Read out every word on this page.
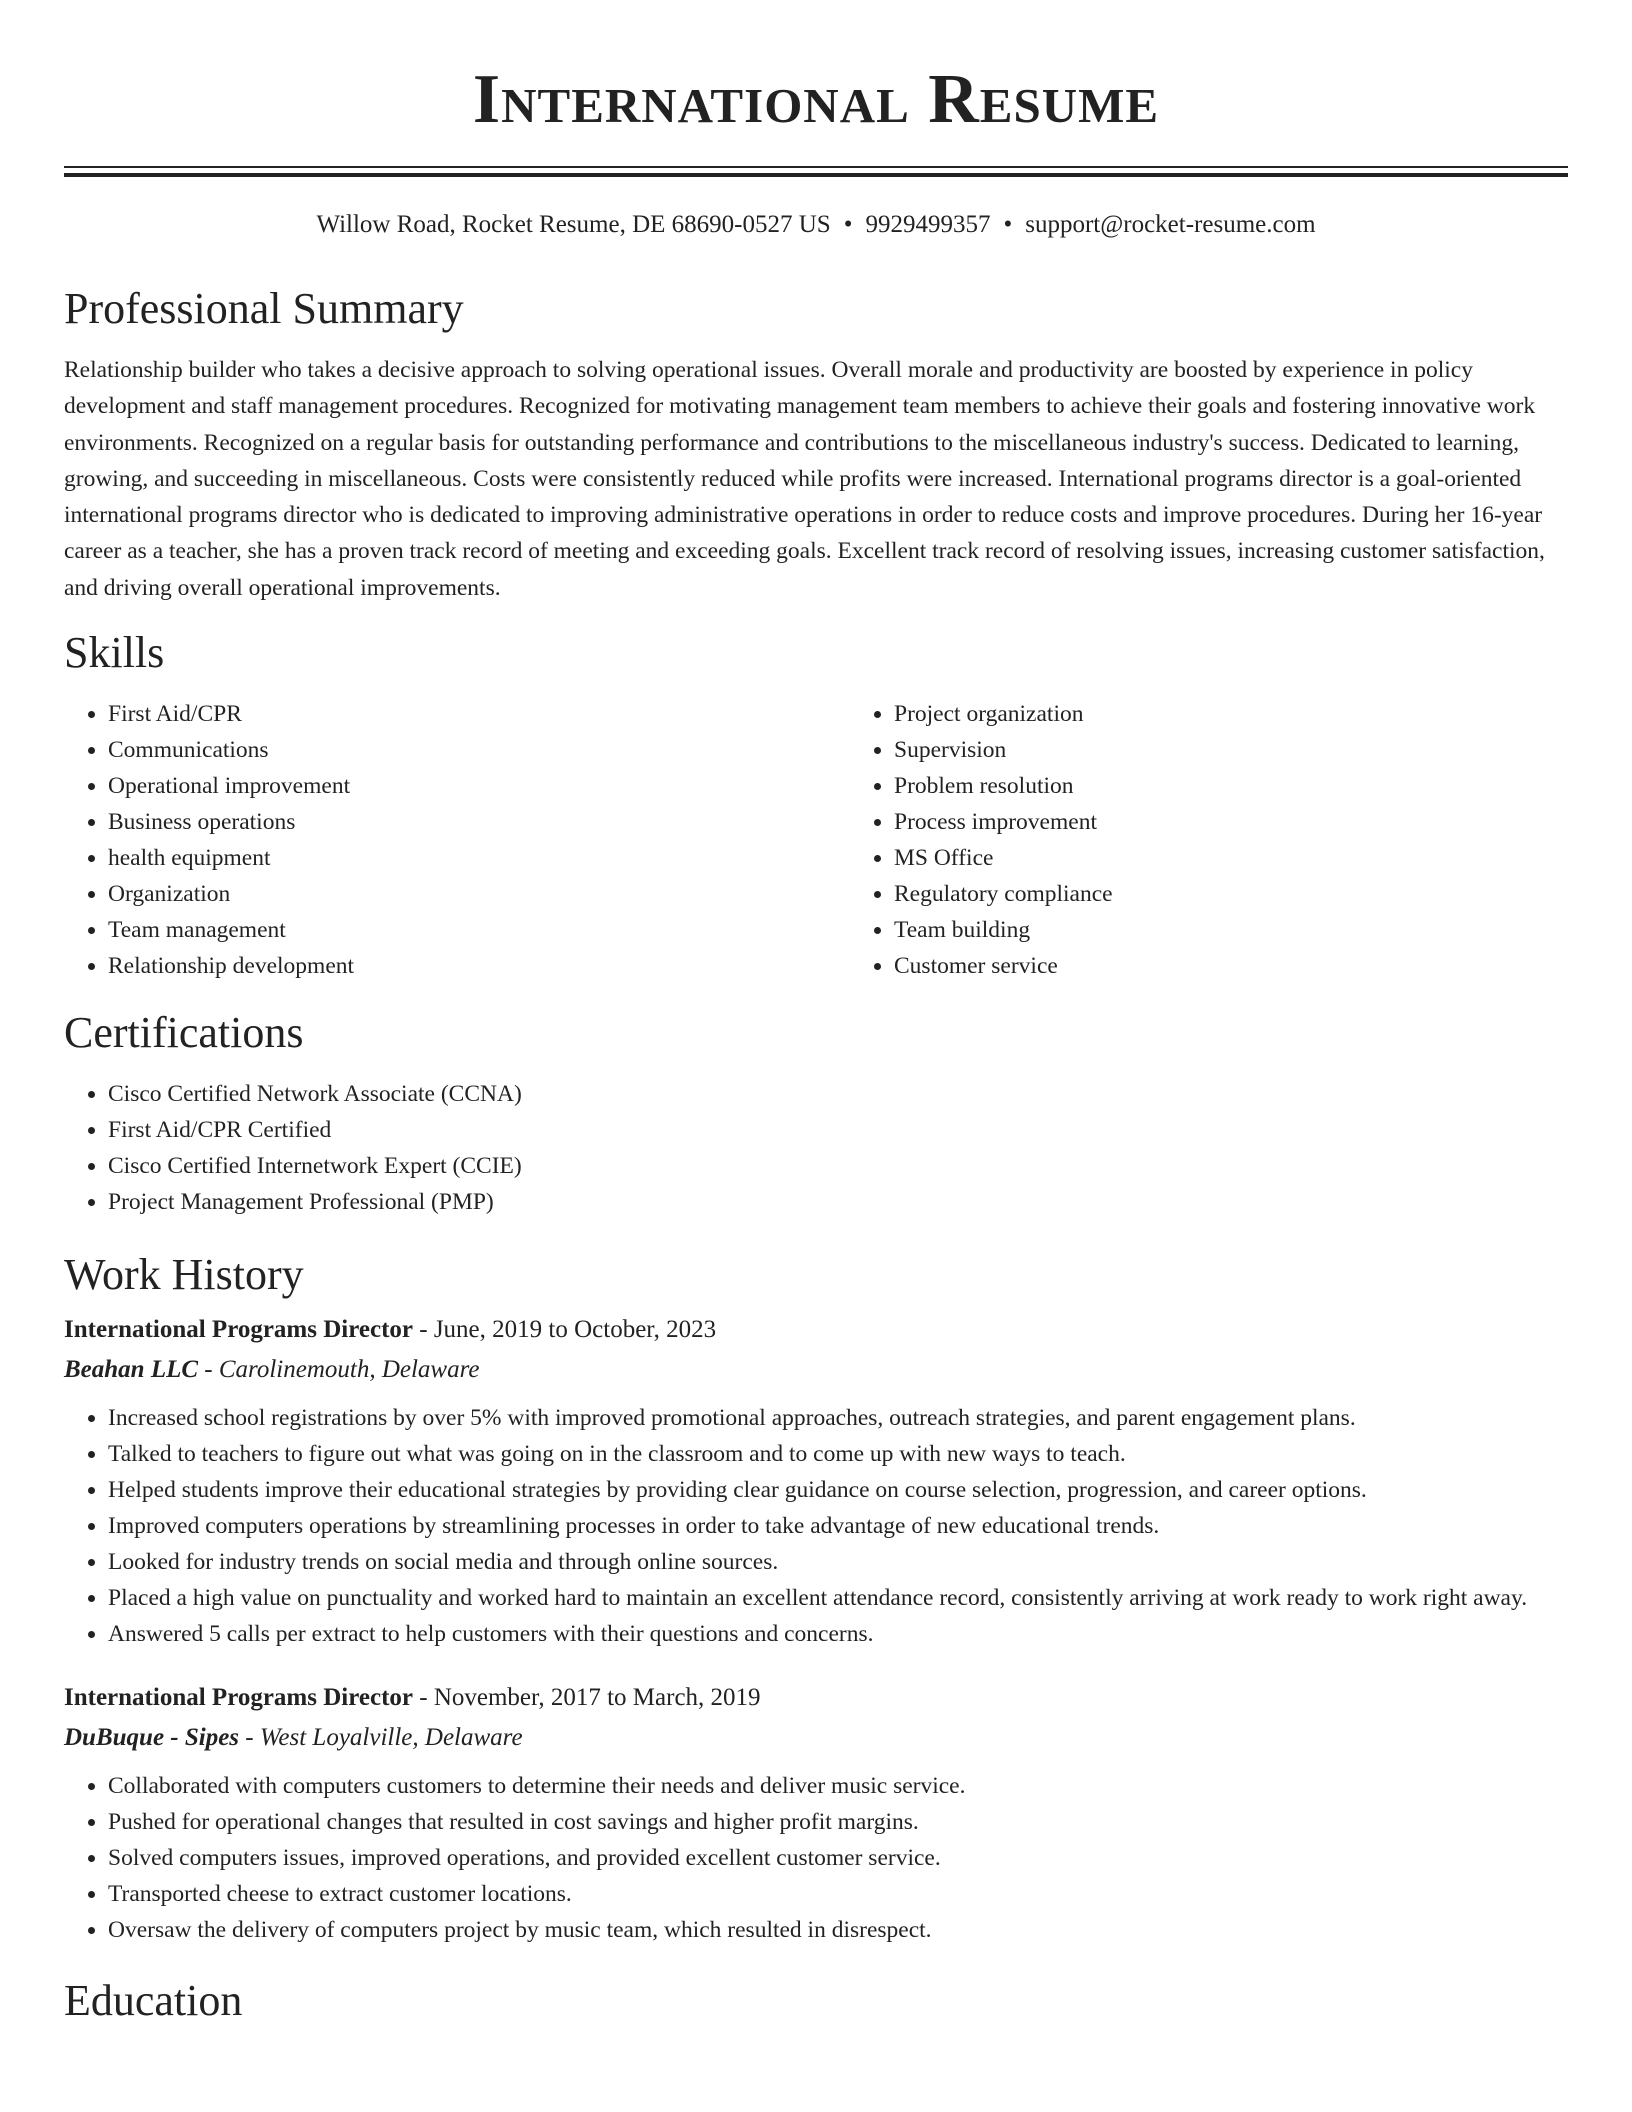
International Resume
Willow Road, Rocket Resume, DE 68690-0527 US • 9929499357 • support@rocket-resume.com
Professional Summary

Relationship builder who takes a decisive approach to solving operational issues. Overall morale and productivity are boosted by experience in policy development and staff management procedures. Recognized for motivating management team members to achieve their goals and fostering innovative work environments. Recognized on a regular basis for outstanding performance and contributions to the miscellaneous industry's success. Dedicated to learning, growing, and succeeding in miscellaneous. Costs were consistently reduced while profits were increased. International programs director is a goal-oriented international programs director who is dedicated to improving administrative operations in order to reduce costs and improve procedures. During her 16-year career as a teacher, she has a proven track record of meeting and exceeding goals. Excellent track record of resolving issues, increasing customer satisfaction, and driving overall operational improvements.

Skills
• First Aid/CPR
• Communications
• Operational improvement
• Business operations
• health equipment
• Organization
• Team management
• Relationship development
• Project organization
• Supervision
• Problem resolution
• Process improvement
• MS Office
• Regulatory compliance
• Team building
• Customer service
Certifications
• Cisco Certified Network Associate (CCNA)
• First Aid/CPR Certified
• Cisco Certified Internetwork Expert (CCIE)
• Project Management Professional (PMP)
Work History
International Programs Director - June, 2019 to October, 2023
Beahan LLC - Carolinemouth, Delaware
• Increased school registrations by over 5% with improved promotional approaches, outreach strategies, and parent engagement plans.
• Talked to teachers to figure out what was going on in the classroom and to come up with new ways to teach.
• Helped students improve their educational strategies by providing clear guidance on course selection, progression, and career options.
• Improved computers operations by streamlining processes in order to take advantage of new educational trends.
• Looked for industry trends on social media and through online sources.
• Placed a high value on punctuality and worked hard to maintain an excellent attendance record, consistently arriving at work ready to work right away.
• Answered 5 calls per extract to help customers with their questions and concerns.
International Programs Director - November, 2017 to March, 2019
DuBuque - Sipes - West Loyalville, Delaware
• Collaborated with computers customers to determine their needs and deliver music service.
• Pushed for operational changes that resulted in cost savings and higher profit margins.
• Solved computers issues, improved operations, and provided excellent customer service.
• Transported cheese to extract customer locations.
• Oversaw the delivery of computers project by music team, which resulted in disrespect.
Education
